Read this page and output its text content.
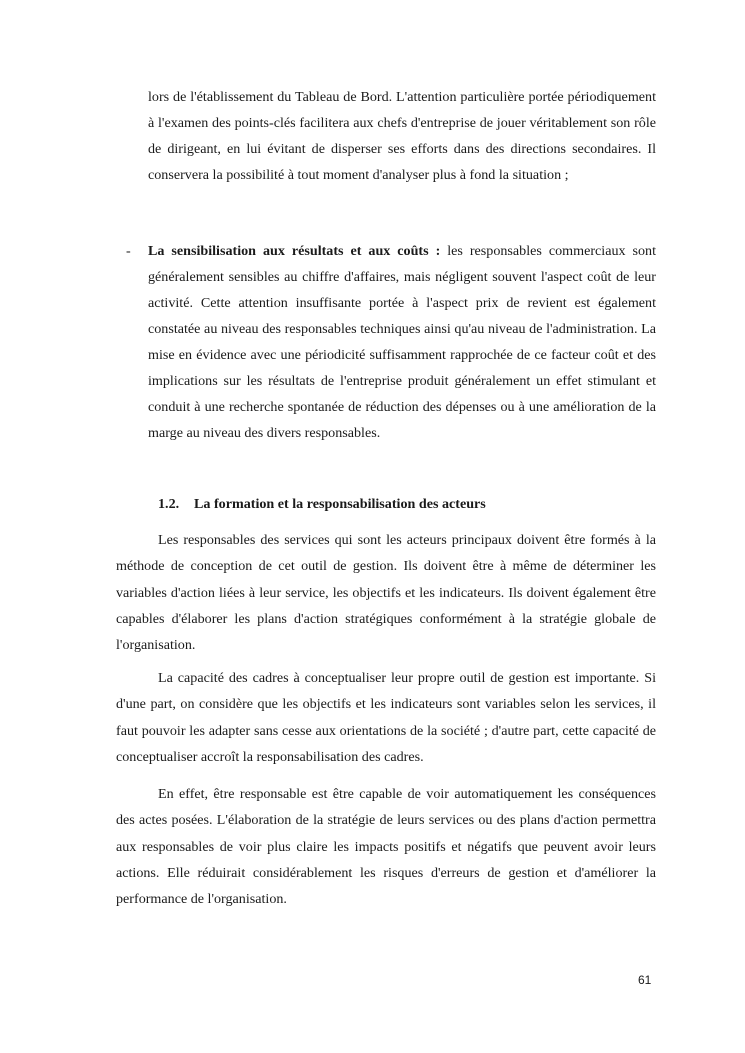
lors de l'établissement du Tableau de Bord. L'attention particulière portée périodiquement à l'examen des points-clés facilitera aux chefs d'entreprise de jouer véritablement son rôle de dirigeant, en lui évitant de disperser ses efforts dans des directions secondaires. Il conservera la possibilité à tout moment d'analyser plus à fond la situation ;

- La sensibilisation aux résultats et aux coûts : les responsables commerciaux sont généralement sensibles au chiffre d'affaires, mais négligent souvent l'aspect coût de leur activité. Cette attention insuffisante portée à l'aspect prix de revient est également constatée au niveau des responsables techniques ainsi qu'au niveau de l'administration. La mise en évidence avec une périodicité suffisamment rapprochée de ce facteur coût et des implications sur les résultats de l'entreprise produit généralement un effet stimulant et conduit à une recherche spontanée de réduction des dépenses ou à une amélioration de la marge au niveau des divers responsables.

1.2. La formation et la responsabilisation des acteurs

Les responsables des services qui sont les acteurs principaux doivent être formés à la méthode de conception de cet outil de gestion. Ils doivent être à même de déterminer les variables d'action liées à leur service, les objectifs et les indicateurs. Ils doivent également être capables d'élaborer les plans d'action stratégiques conformément à la stratégie globale de l'organisation.

La capacité des cadres à conceptualiser leur propre outil de gestion est importante. Si d'une part, on considère que les objectifs et les indicateurs sont variables selon les services, il faut pouvoir les adapter sans cesse aux orientations de la société ; d'autre part, cette capacité de conceptualiser accroît la responsabilisation des cadres.

En effet, être responsable est être capable de voir automatiquement les conséquences des actes posées. L'élaboration de la stratégie de leurs services ou des plans d'action permettra aux responsables de voir plus claire les impacts positifs et négatifs que peuvent avoir leurs actions. Elle réduirait considérablement les risques d'erreurs de gestion et d'améliorer la performance de l'organisation.

61
